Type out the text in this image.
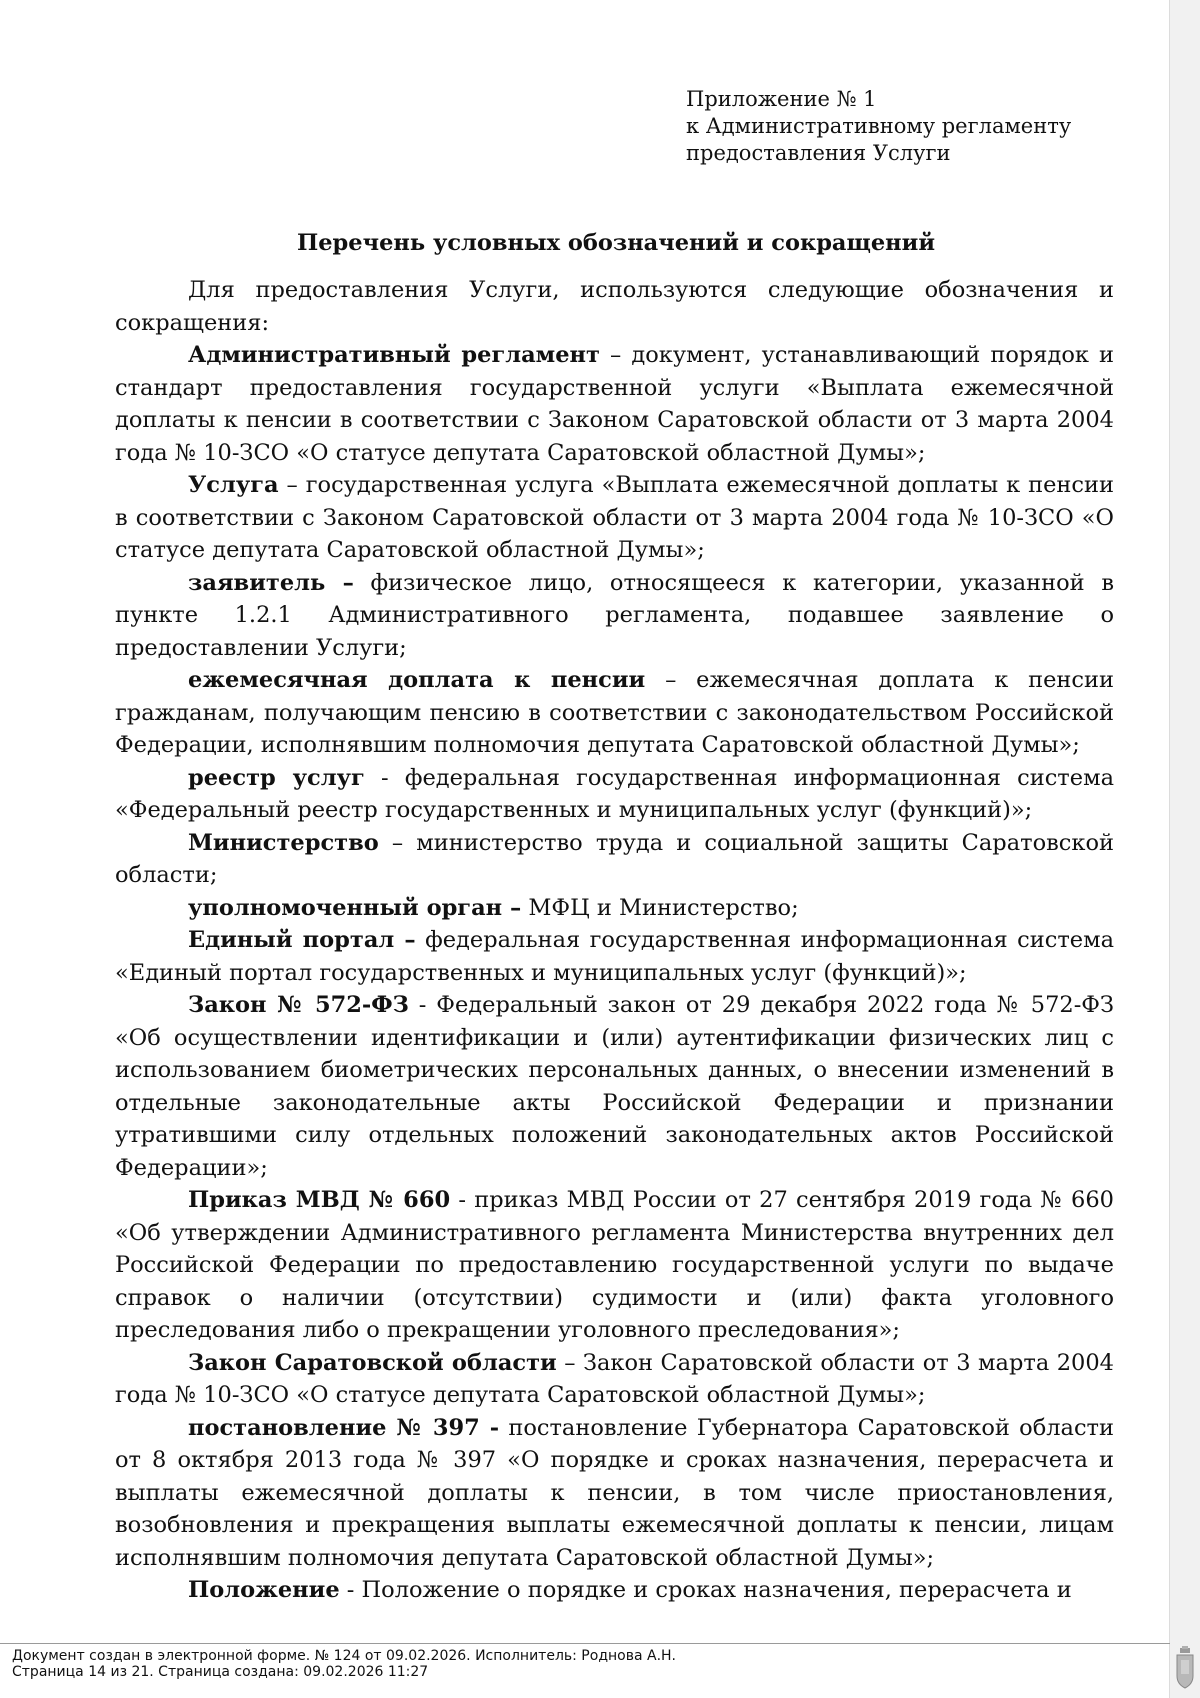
Приложение № 1
к Административному регламенту
предоставления Услуги
Перечень условных обозначений и сокращений

Для предоставления Услуги, используются следующие обозначения и сокращения:

Административный регламент – документ, устанавливающий порядок и стандарт предоставления государственной услуги «Выплата ежемесячной доплаты к пенсии в соответствии с Законом Саратовской области от 3 марта 2004 года № 10-ЗСО «О статусе депутата Саратовской областной Думы»;

Услуга – государственная услуга «Выплата ежемесячной доплаты к пенсии в соответствии с Законом Саратовской области от 3 марта 2004 года № 10-ЗСО «О статусе депутата Саратовской областной Думы»;

заявитель – физическое лицо, относящееся к категории, указанной в пункте 1.2.1 Административного регламента, подавшее заявление о предоставлении Услуги;

ежемесячная доплата к пенсии – ежемесячная доплата к пенсии гражданам, получающим пенсию в соответствии с законодательством Российской Федерации, исполнявшим полномочия депутата Саратовской областной Думы»;

реестр услуг - федеральная государственная информационная система «Федеральный реестр государственных и муниципальных услуг (функций)»;

Министерство – министерство труда и социальной защиты Саратовской области;

уполномоченный орган – МФЦ и Министерство;

Единый портал – федеральная государственная информационная система «Единый портал государственных и муниципальных услуг (функций)»;

Закон № 572-ФЗ - Федеральный закон от 29 декабря 2022 года № 572-ФЗ «Об осуществлении идентификации и (или) аутентификации физических лиц с использованием биометрических персональных данных, о внесении изменений в отдельные законодательные акты Российской Федерации и признании утратившими силу отдельных положений законодательных актов Российской Федерации»;

Приказ МВД № 660 - приказ МВД России от 27 сентября 2019 года № 660 «Об утверждении Административного регламента Министерства внутренних дел Российской Федерации по предоставлению государственной услуги по выдаче справок о наличии (отсутствии) судимости и (или) факта уголовного преследования либо о прекращении уголовного преследования»;

Закон Саратовской области – Закон Саратовской области от 3 марта 2004 года № 10-ЗСО «О статусе депутата Саратовской областной Думы»;

постановление № 397 - постановление Губернатора Саратовской области от 8 октября 2013 года № 397 «О порядке и сроках назначения, перерасчета и выплаты ежемесячной доплаты к пенсии, в том числе приостановления, возобновления и прекращения выплаты ежемесячной доплаты к пенсии, лицам исполнявшим полномочия депутата Саратовской областной Думы»;

Положение - Положение о порядке и сроках назначения, перерасчета и

Документ создан в электронной форме. № 124 от 09.02.2026. Исполнитель: Роднова А.Н.
Страница 14 из 21. Страница создана: 09.02.2026 11:27
